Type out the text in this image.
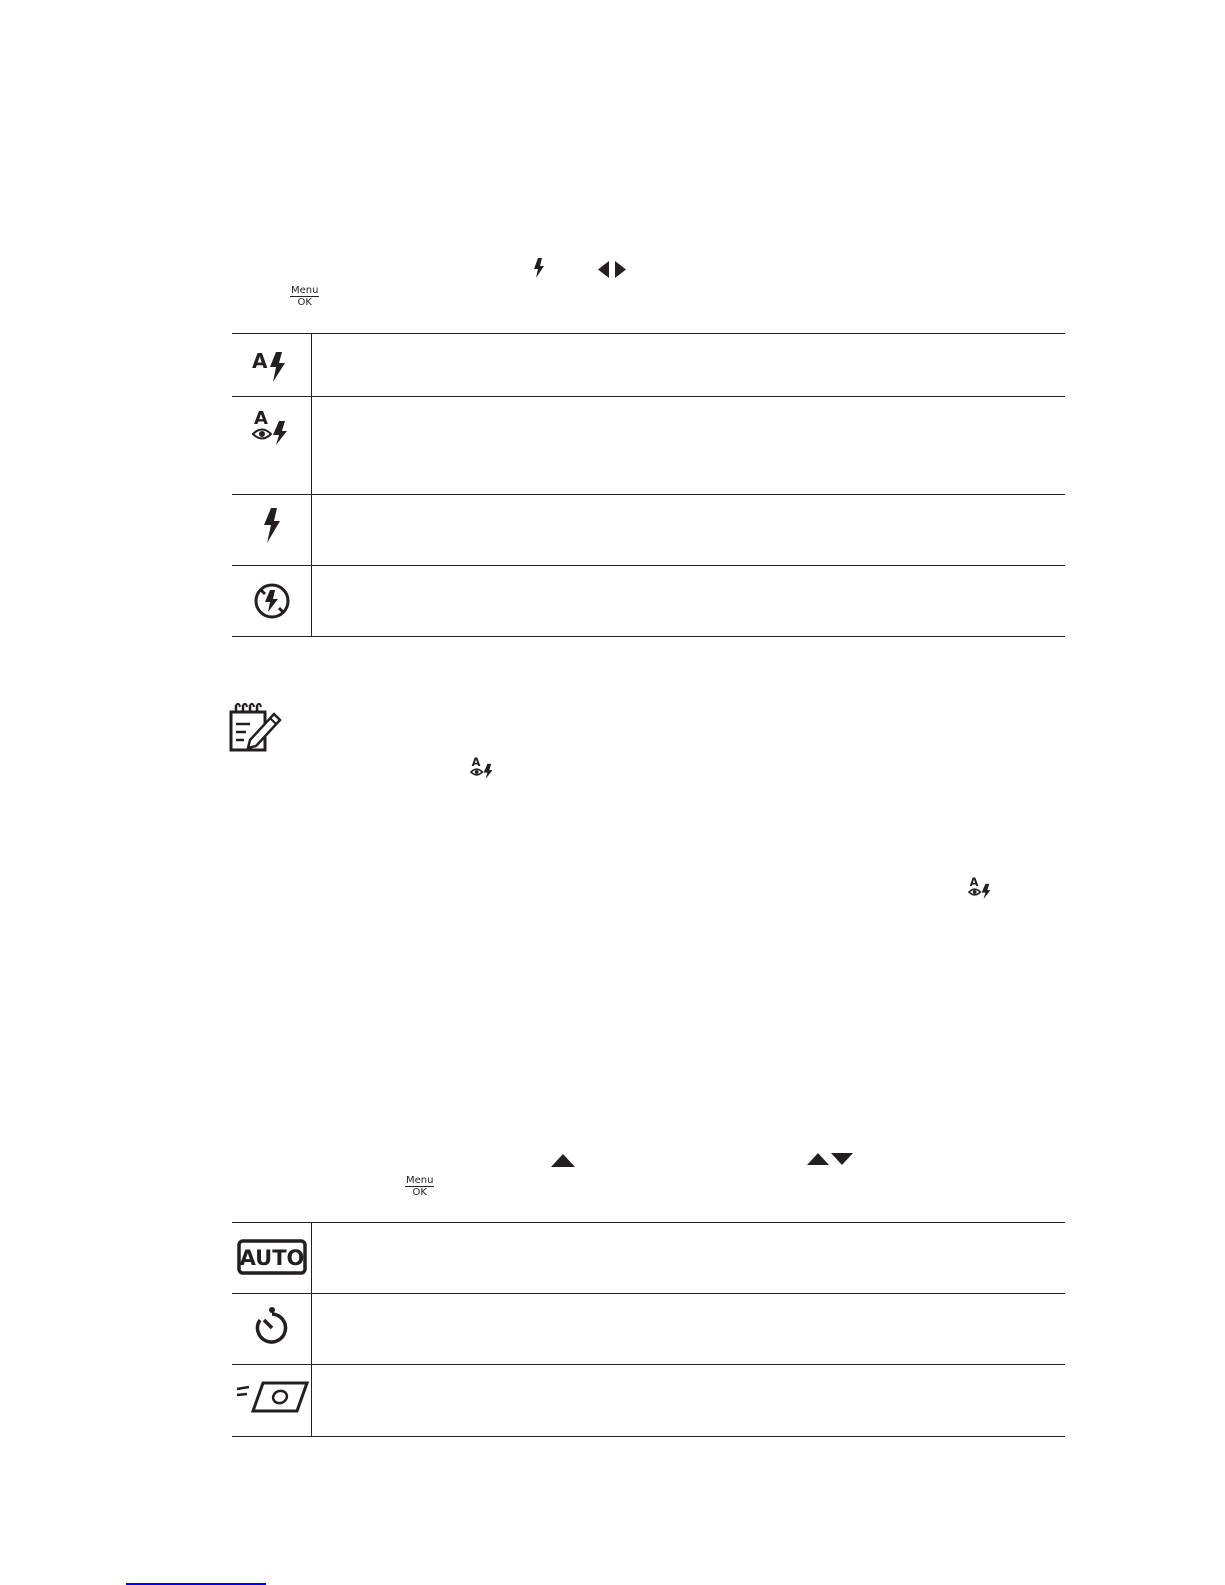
Menu
OK
A
A
A
A
Menu
OK
AUTO
